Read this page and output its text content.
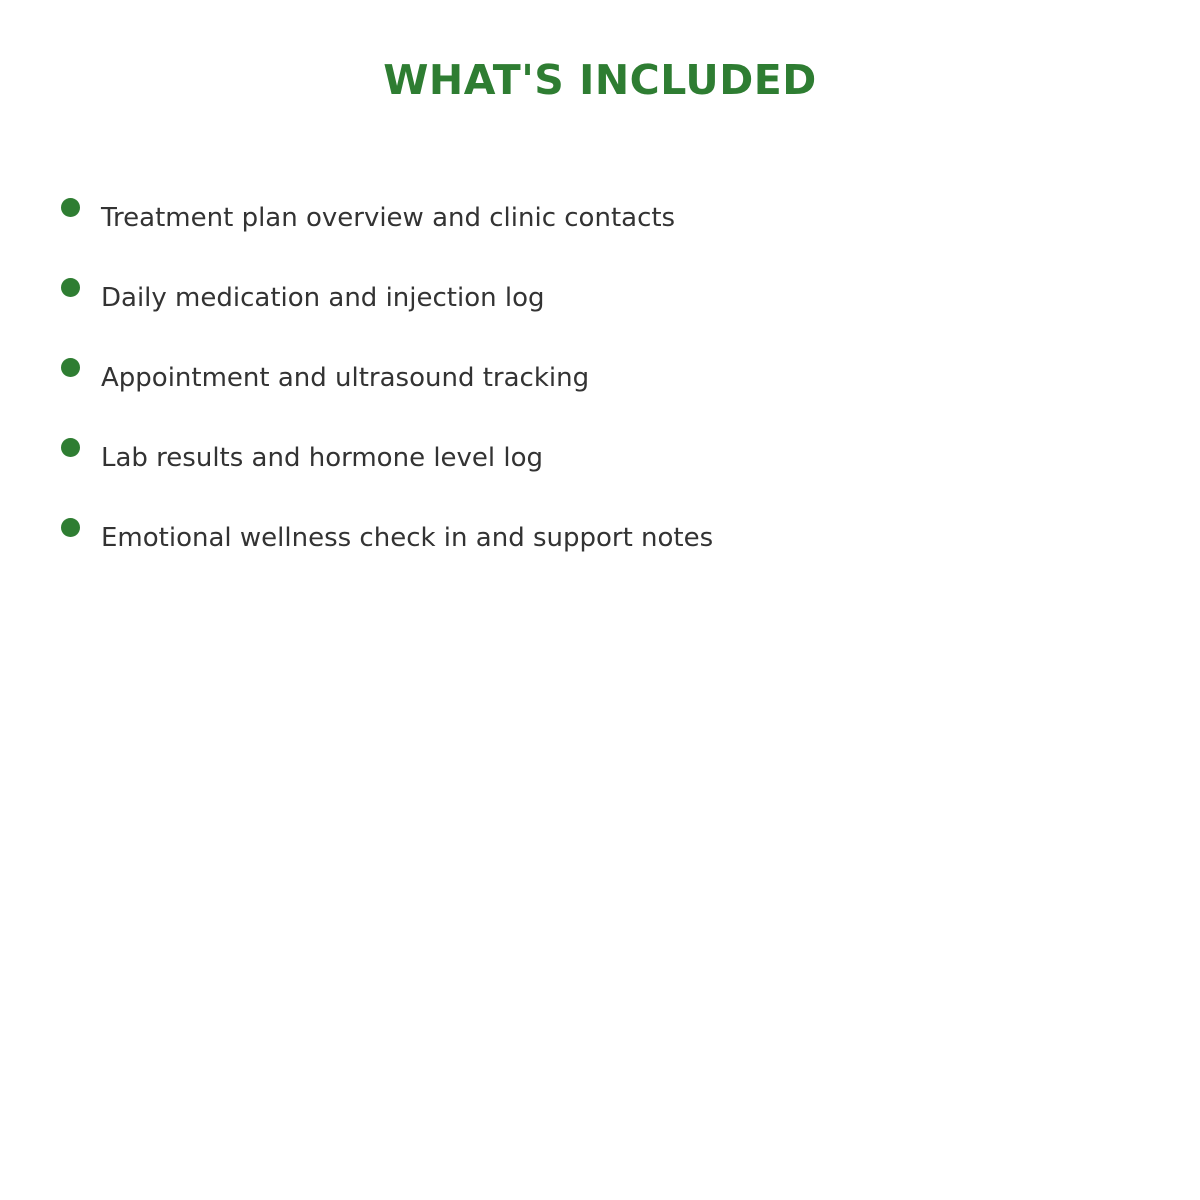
WHAT'S INCLUDED
Treatment plan overview and clinic contacts
Daily medication and injection log
Appointment and ultrasound tracking
Lab results and hormone level log
Emotional wellness check in and support notes
